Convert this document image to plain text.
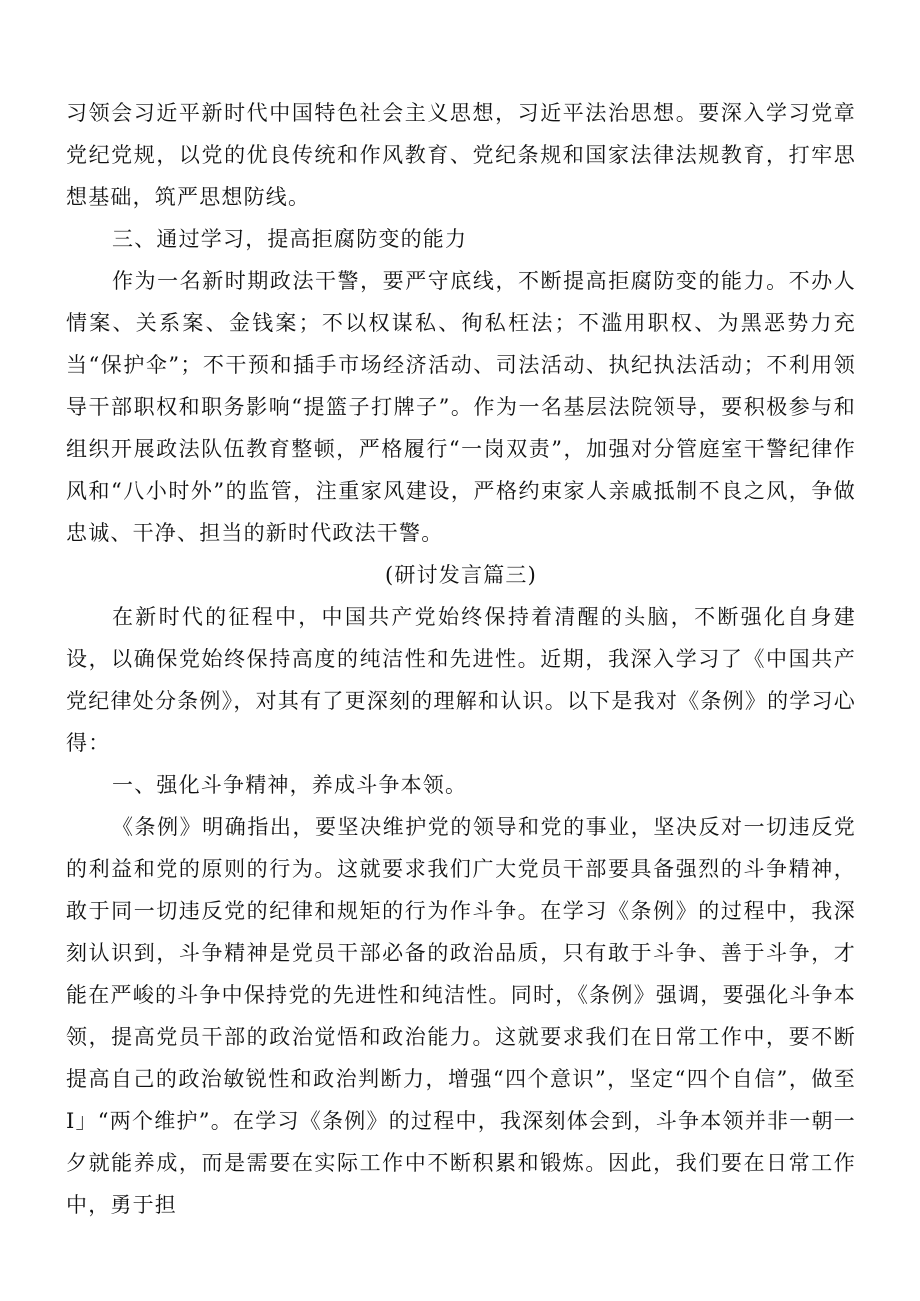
习领会习近平新时代中国特色社会主义思想，习近平法治思想。要深入学习党章党纪党规，以党的优良传统和作风教育、党纪条规和国家法律法规教育，打牢思想基础，筑严思想防线。

三、通过学习，提高拒腐防变的能力

作为一名新时期政法干警，要严守底线，不断提高拒腐防变的能力。不办人情案、关系案、金钱案；不以权谋私、徇私枉法；不滥用职权、为黑恶势力充当“保护伞”；不干预和插手市场经济活动、司法活动、执纪执法活动；不利用领导干部职权和职务影响“提篮子打牌子”。作为一名基层法院领导，要积极参与和组织开展政法队伍教育整顿，严格履行“一岗双责”，加强对分管庭室干警纪律作风和“八小时外”的监管，注重家风建设，严格约束家人亲戚抵制不良之风，争做忠诚、干净、担当的新时代政法干警。

(研讨发言篇三)

在新时代的征程中，中国共产党始终保持着清醒的头脑，不断强化自身建设，以确保党始终保持高度的纯洁性和先进性。近期，我深入学习了《中国共产党纪律处分条例》，对其有了更深刻的理解和认识。以下是我对《条例》的学习心得：

一、强化斗争精神，养成斗争本领。

《条例》明确指出，要坚决维护党的领导和党的事业，坚决反对一切违反党的利益和党的原则的行为。这就要求我们广大党员干部要具备强烈的斗争精神，敢于同一切违反党的纪律和规矩的行为作斗争。在学习《条例》的过程中，我深刻认识到，斗争精神是党员干部必备的政治品质，只有敢于斗争、善于斗争，才能在严峻的斗争中保持党的先进性和纯洁性。同时，《条例》强调，要强化斗争本领，提高党员干部的政治觉悟和政治能力。这就要求我们在日常工作中，要不断提高自己的政治敏锐性和政治判断力，增强“四个意识”，坚定“四个自信”，做至I」“两个维护”。在学习《条例》的过程中，我深刻体会到，斗争本领并非一朝一夕就能养成，而是需要在实际工作中不断积累和锻炼。因此，我们要在日常工作中，勇于担
